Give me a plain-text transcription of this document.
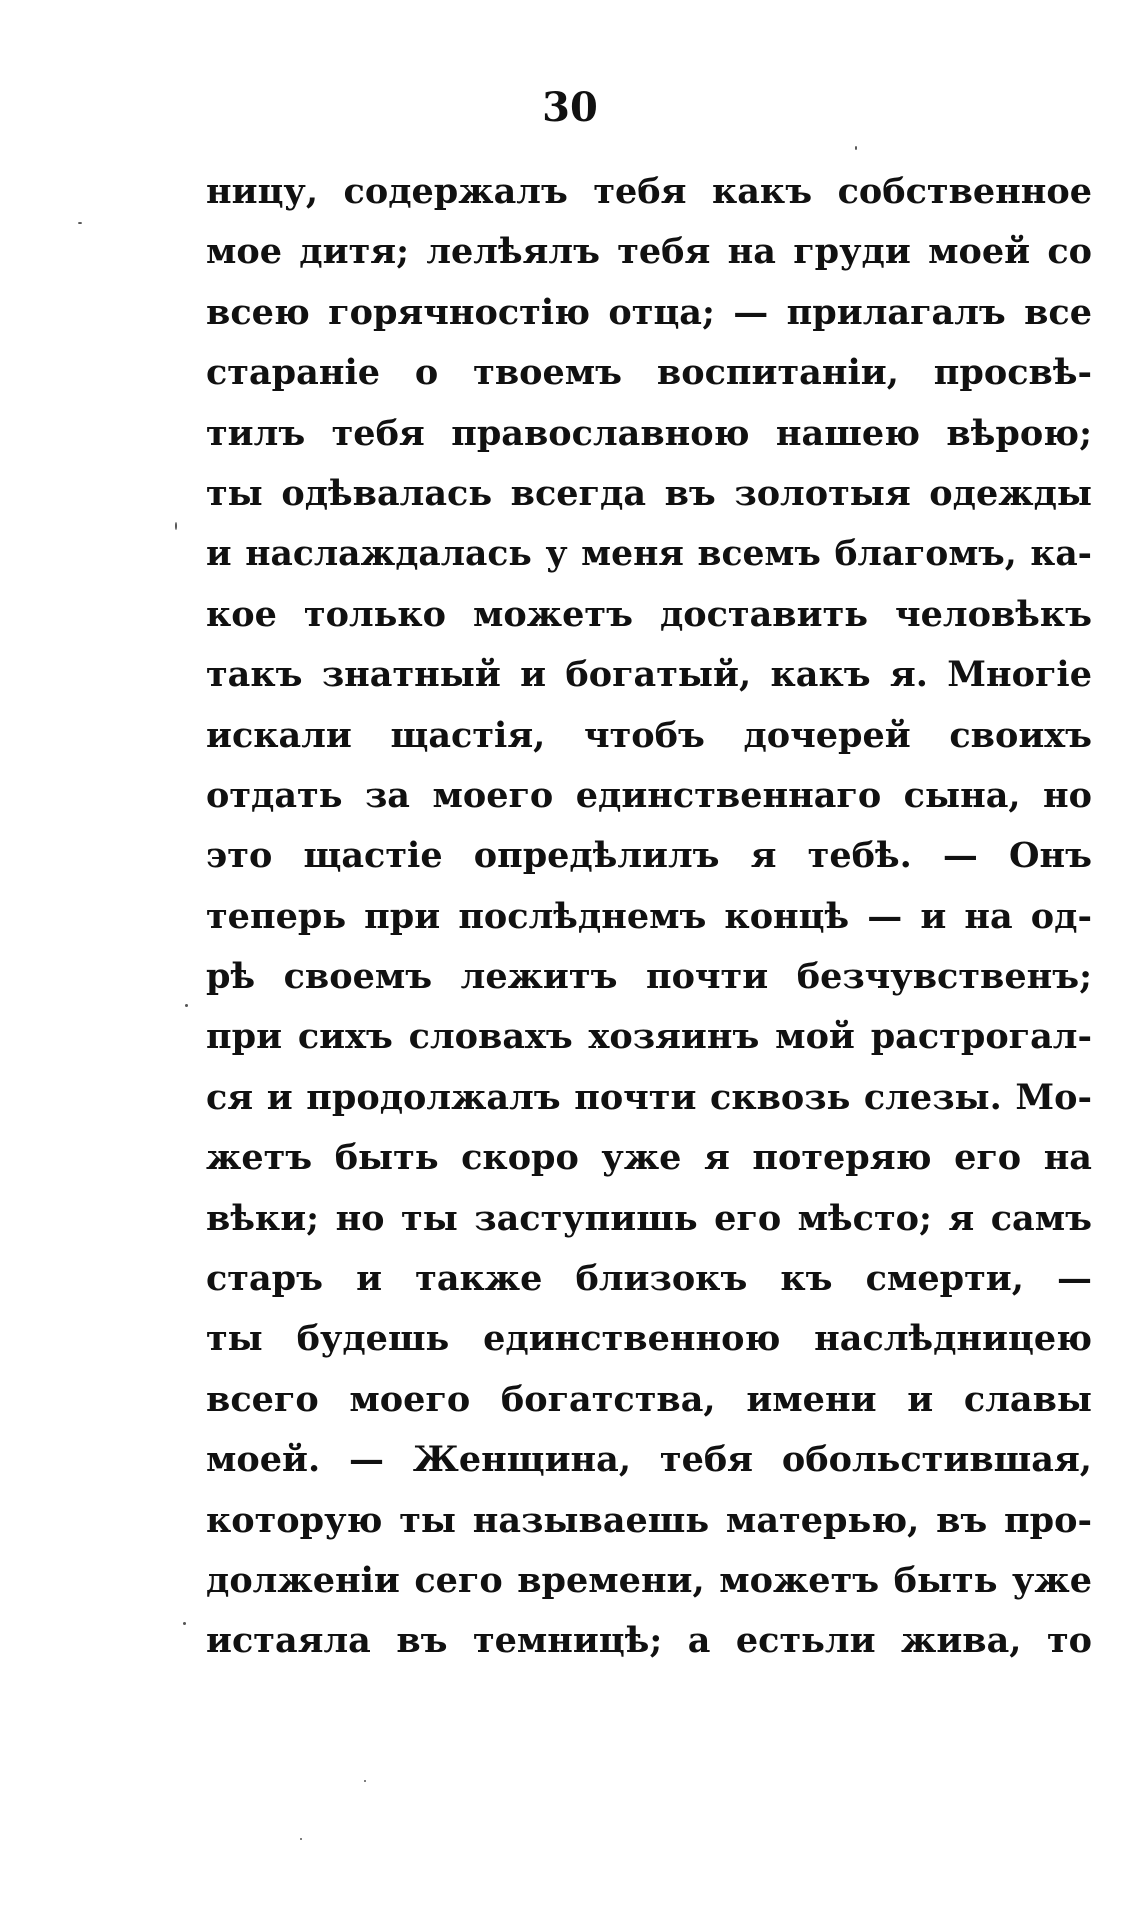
30
ницу, содержалъ тебя какъ собственное
мое дитя; лелѣялъ тебя на груди моей со
всею горячностію отца; — прилагалъ все
стараніе о твоемъ воспитаніи, просвѣ-
тилъ тебя православною нашею вѣрою;
ты одѣвалась всегда въ золотыя одежды
и наслаждалась у меня всемъ благомъ, ка-
кое только можетъ доставить человѣкъ
такъ знатный и богатый, какъ я. Многіе
искали щастія, чтобъ дочерей своихъ
отдать за моего единственнаго сына, но
это щастіе опредѣлилъ я тебѣ. — Онъ
теперь при послѣднемъ концѣ — и на од-
рѣ своемъ лежитъ почти безчувственъ;
при сихъ словахъ хозяинъ мой растрогал-
ся и продолжалъ почти сквозь слезы. Мо-
жетъ быть скоро уже я потеряю его на
вѣки; но ты заступишь его мѣсто; я самъ
старъ и также близокъ къ смерти, —
ты будешь единственною наслѣдницею
всего моего богатства, имени и славы
моей. — Женщина, тебя обольстившая,
которую ты называешь матерью, въ про-
долженіи сего времени, можетъ быть уже
истаяла въ темницѣ; а естьли жива, то
